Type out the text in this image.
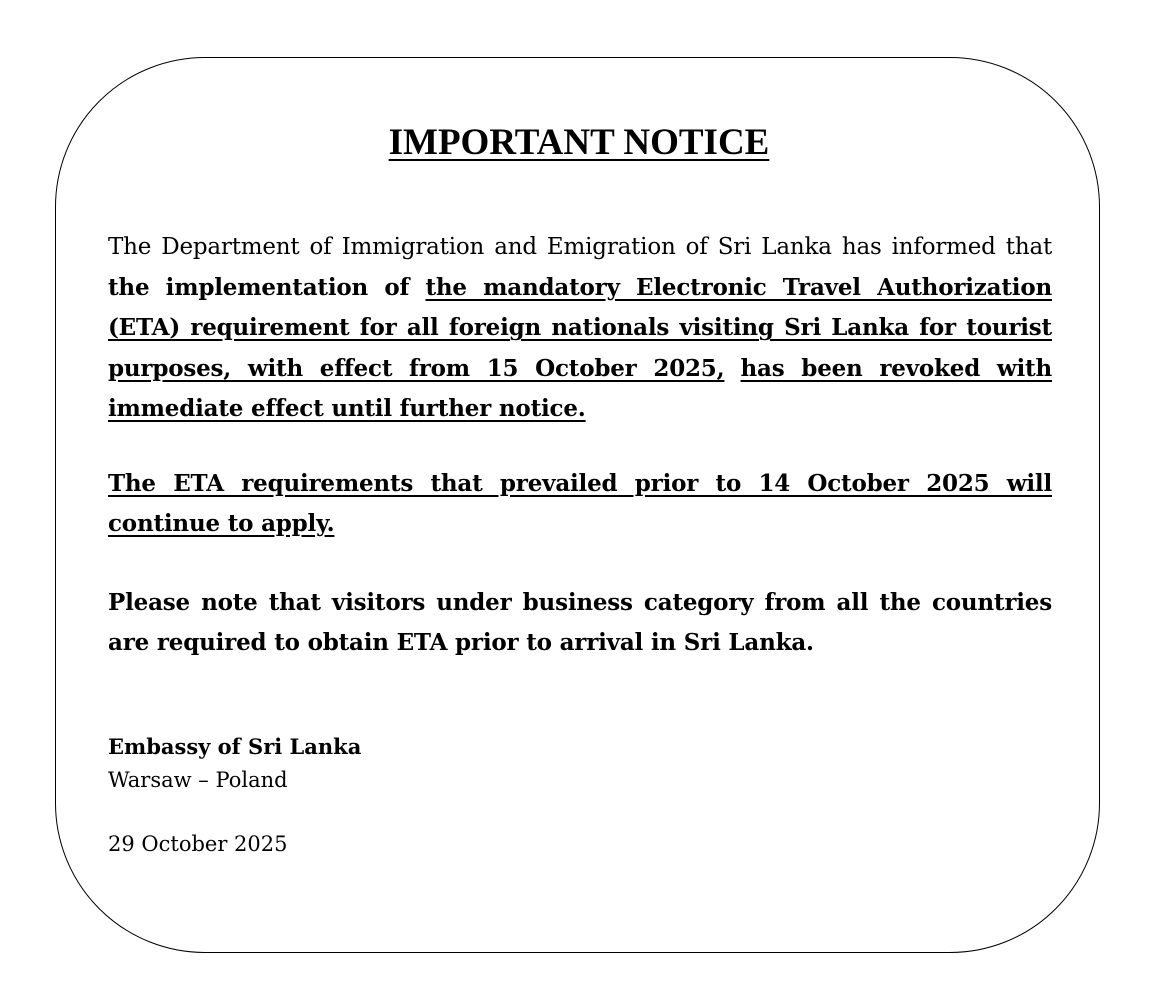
IMPORTANT NOTICE

The Department of Immigration and Emigration of Sri Lanka has informed that the implementation of the mandatory Electronic Travel Authorization (ETA) requirement for all foreign nationals visiting Sri Lanka for tourist purposes, with effect from 15 October 2025, has been revoked with immediate effect until further notice.

The ETA requirements that prevailed prior to 14 October 2025 will continue to apply.

Please note that visitors under business category from all the countries are required to obtain ETA prior to arrival in Sri Lanka.

Embassy of Sri Lanka

Warsaw – Poland

29 October 2025
